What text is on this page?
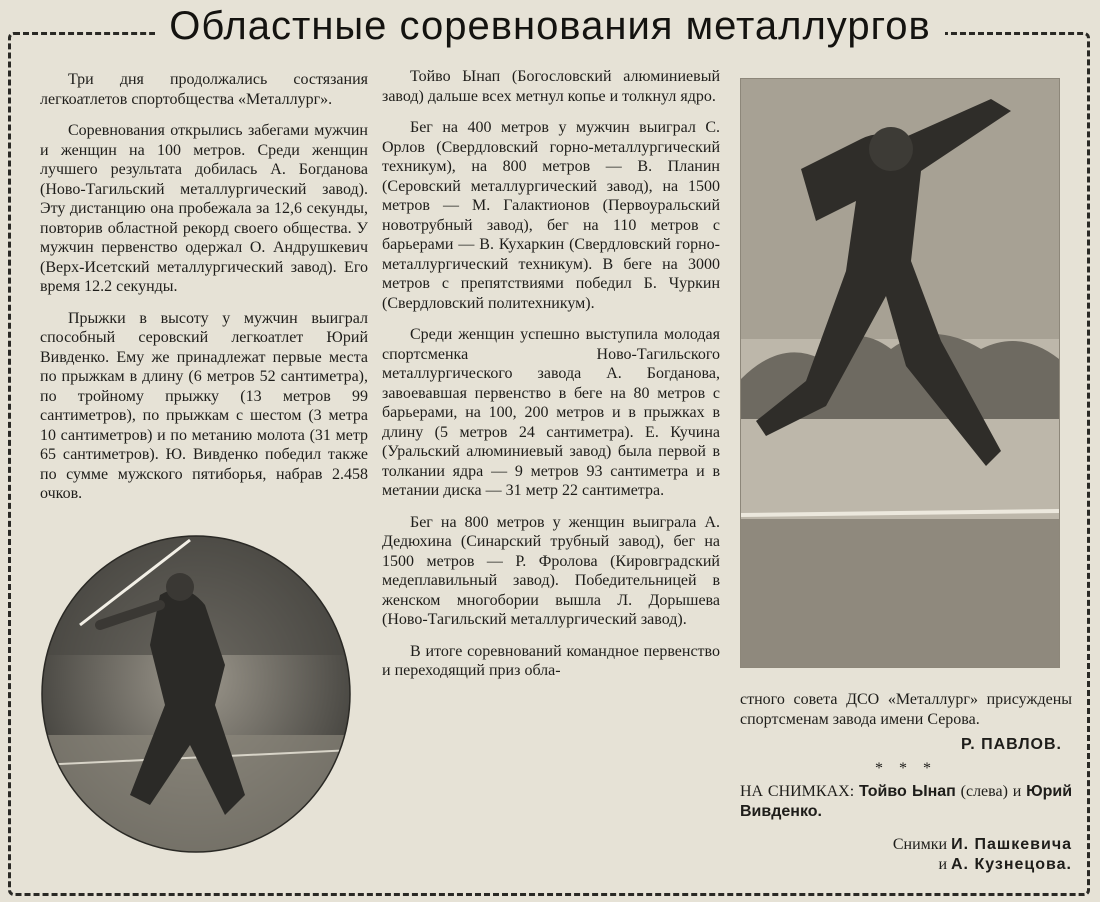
Областные соревнования металлургов

Три дня продолжались состязания легкоатлетов спортобщества «Металлург».

Соревнования открылись забегами мужчин и женщин на 100 метров. Среди женщин лучшего результата добилась А. Богданова (Ново-Тагильский металлургический завод). Эту дистанцию она пробежала за 12,6 секунды, повторив областной рекорд своего общества. У мужчин первенство одержал О. Андрушкевич (Верх-Исетский металлургический завод). Его время 12.2 секунды.

Прыжки в высоту у мужчин выиграл способный серовский легкоатлет Юрий Вивденко. Ему же принадлежат первые места по прыжкам в длину (6 метров 52 сантиметра), по тройному прыжку (13 метров 99 сантиметров), по прыжкам с шестом (3 метра 10 сантиметров) и по метанию молота (31 метр 65 сантиметров). Ю. Вивденко победил также по сумме мужского пятиборья, набрав 2.458 очков.

Тойво Ынап (Богословский алюминиевый завод) дальше всех метнул копье и толкнул ядро.

Бег на 400 метров у мужчин выиграл С. Орлов (Свердловский горно-металлургический техникум), на 800 метров — В. Планин (Серовский металлургический завод), на 1500 метров — М. Галактионов (Первоуральский новотрубный завод), бег на 110 метров с барьерами — В. Кухаркин (Свердловский горно-металлургический техникум). В беге на 3000 метров с препятствиями победил Б. Чуркин (Свердловский политехникум).

Среди женщин успешно выступила молодая спортсменка Ново-Тагильского металлургического завода А. Богданова, завоевавшая первенство в беге на 80 метров с барьерами, на 100, 200 метров и в прыжках в длину (5 метров 24 сантиметра). Е. Кучина (Уральский алюминиевый завод) была первой в толкании ядра — 9 метров 93 сантиметра и в метании диска — 31 метр 22 сантиметра.

Бег на 800 метров у женщин выиграла А. Дедюхина (Синарский трубный завод), бег на 1500 метров — Р. Фролова (Кировградский медеплавильный завод). Победительницей в женском многобории вышла Л. Дорышева (Ново-Тагильский металлургический завод).

В итоге соревнований командное первенство и переходящий приз обла-

стного совета ДСО «Металлург» присуждены спортсменам завода имени Серова.

Р. ПАВЛОВ.
* * *
НА СНИМКАХ: Тойво Ынап (слева) и Юрий Вивденко.
Снимки И. Пашкевича
и А. Кузнецова.
